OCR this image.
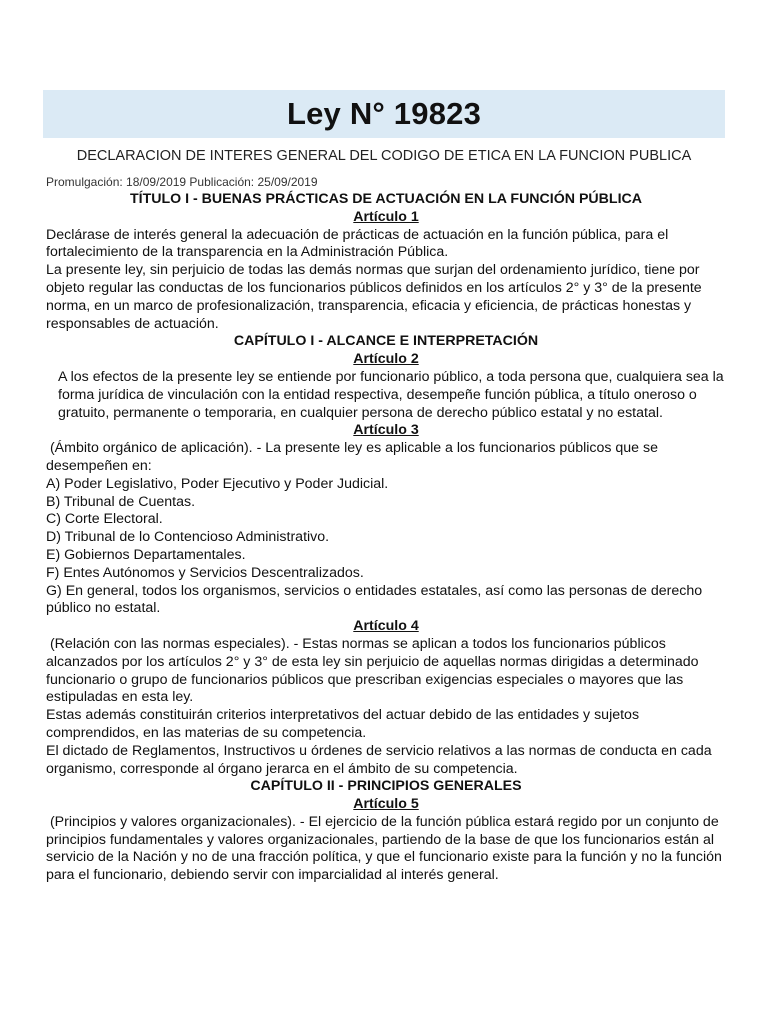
Ley N° 19823

DECLARACION DE INTERES GENERAL DEL CODIGO DE ETICA EN LA FUNCION PUBLICA

Promulgación: 18/09/2019 Publicación: 25/09/2019

TÍTULO I - BUENAS PRÁCTICAS DE ACTUACIÓN EN LA FUNCIÓN PÚBLICA

Artículo 1

Declárase de interés general la adecuación de prácticas de actuación en la función pública, para el fortalecimiento de la transparencia en la Administración Pública.

La presente ley, sin perjuicio de todas las demás normas que surjan del ordenamiento jurídico, tiene por objeto regular las conductas de los funcionarios públicos definidos en los artículos 2° y 3° de la presente norma, en un marco de profesionalización, transparencia, eficacia y eficiencia, de prácticas honestas y responsables de actuación.

CAPÍTULO I - ALCANCE E INTERPRETACIÓN

Artículo 2

A los efectos de la presente ley se entiende por funcionario público, a toda persona que, cualquiera sea la forma jurídica de vinculación con la entidad respectiva, desempeñe función pública, a título oneroso o gratuito, permanente o temporaria, en cualquier persona de derecho público estatal y no estatal.

Artículo 3

(Ámbito orgánico de aplicación). - La presente ley es aplicable a los funcionarios públicos que se desempeñen en:

A) Poder Legislativo, Poder Ejecutivo y Poder Judicial.

B) Tribunal de Cuentas.

C) Corte Electoral.

D) Tribunal de lo Contencioso Administrativo.

E) Gobiernos Departamentales.

F) Entes Autónomos y Servicios Descentralizados.

G) En general, todos los organismos, servicios o entidades estatales, así como las personas de derecho público no estatal.

Artículo 4

(Relación con las normas especiales). - Estas normas se aplican a todos los funcionarios públicos alcanzados por los artículos 2° y 3° de esta ley sin perjuicio de aquellas normas dirigidas a determinado funcionario o grupo de funcionarios públicos que prescriban exigencias especiales o mayores que las estipuladas en esta ley.

Estas además constituirán criterios interpretativos del actuar debido de las entidades y sujetos comprendidos, en las materias de su competencia.

El dictado de Reglamentos, Instructivos u órdenes de servicio relativos a las normas de conducta en cada organismo, corresponde al órgano jerarca en el ámbito de su competencia.

CAPÍTULO II - PRINCIPIOS GENERALES

Artículo 5

(Principios y valores organizacionales). - El ejercicio de la función pública estará regido por un conjunto de principios fundamentales y valores organizacionales, partiendo de la base de que los funcionarios están al servicio de la Nación y no de una fracción política, y que el funcionario existe para la función y no la función para el funcionario, debiendo servir con imparcialidad al interés general.
